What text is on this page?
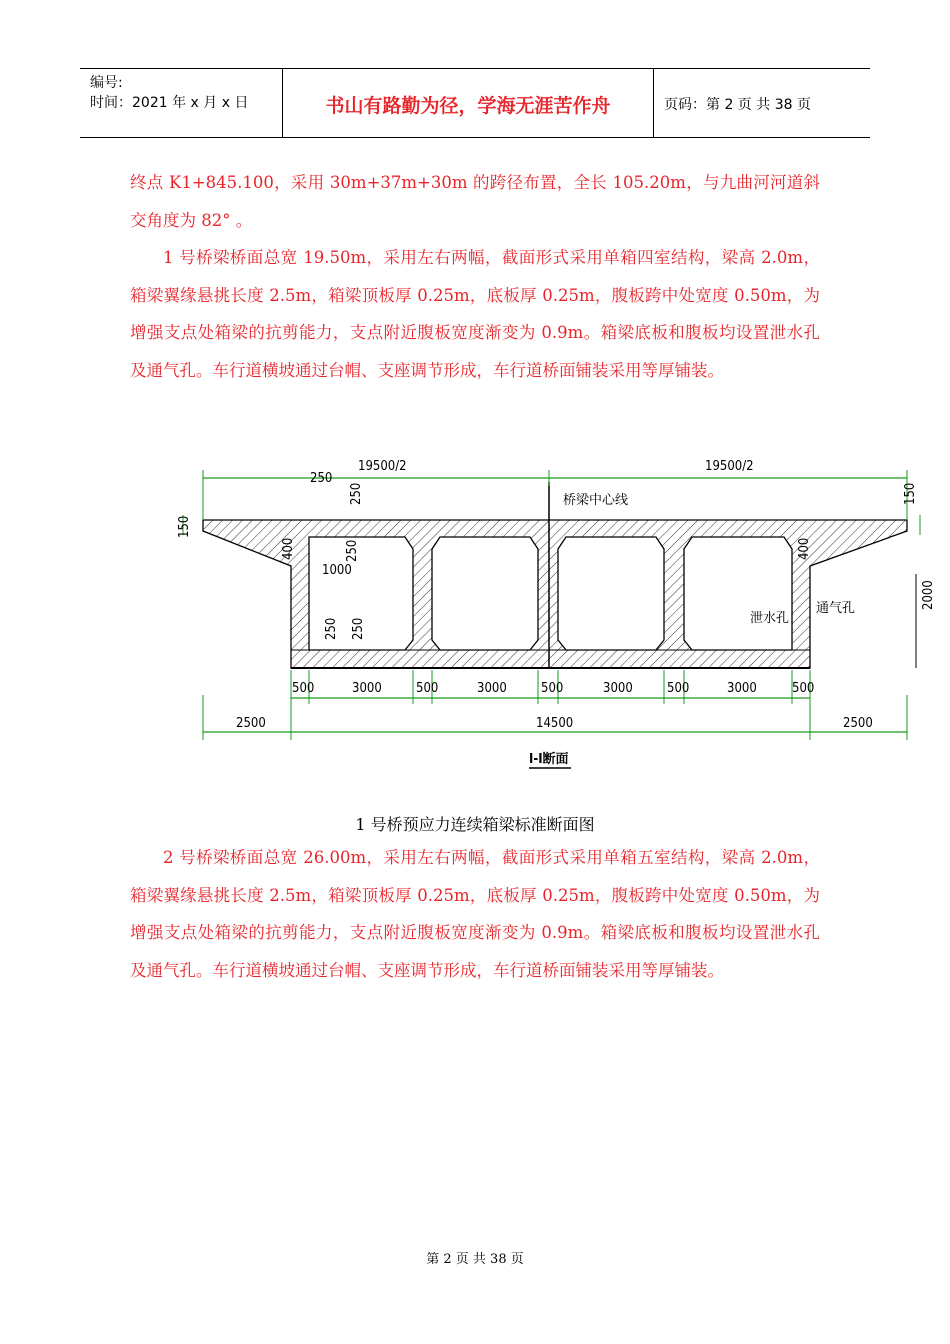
编号:
时间：2021 年 x 月 x 日	书山有路勤为径，学海无涯苦作舟	页码：第 2 页 共 38 页

终点 K1+845.100，采用 30m+37m+30m 的跨径布置，全长 105.20m，与九曲河河道斜交角度为 82° 。

1 号桥梁桥面总宽 19.50m，采用左右两幅，截面形式采用单箱四室结构，梁高 2.0m，箱梁翼缘悬挑长度 2.5m，箱梁顶板厚 0.25m，底板厚 0.25m，腹板跨中处宽度 0.50m，为增强支点处箱梁的抗剪能力，支点附近腹板宽度渐变为 0.9m。箱梁底板和腹板均设置泄水孔及通气孔。车行道横坡通过台帽、支座调节形成，车行道桥面铺装采用等厚铺装。

桥梁中心线
19500/2	19500/2
250
250
150
150
2000
400	400
1000
250
250 250	泄水孔
通气孔
500	3000	500	3000	500	3000	500	3000	500
2500	14500	2500
I-I断面
1 号桥预应力连续箱梁标准断面图

2 号桥梁桥面总宽 26.00m，采用左右两幅，截面形式采用单箱五室结构，梁高 2.0m，箱梁翼缘悬挑长度 2.5m，箱梁顶板厚 0.25m，底板厚 0.25m，腹板跨中处宽度 0.50m，为增强支点处箱梁的抗剪能力，支点附近腹板宽度渐变为 0.9m。箱梁底板和腹板均设置泄水孔及通气孔。车行道横坡通过台帽、支座调节形成，车行道桥面铺装采用等厚铺装。

第 2 页 共 38 页
